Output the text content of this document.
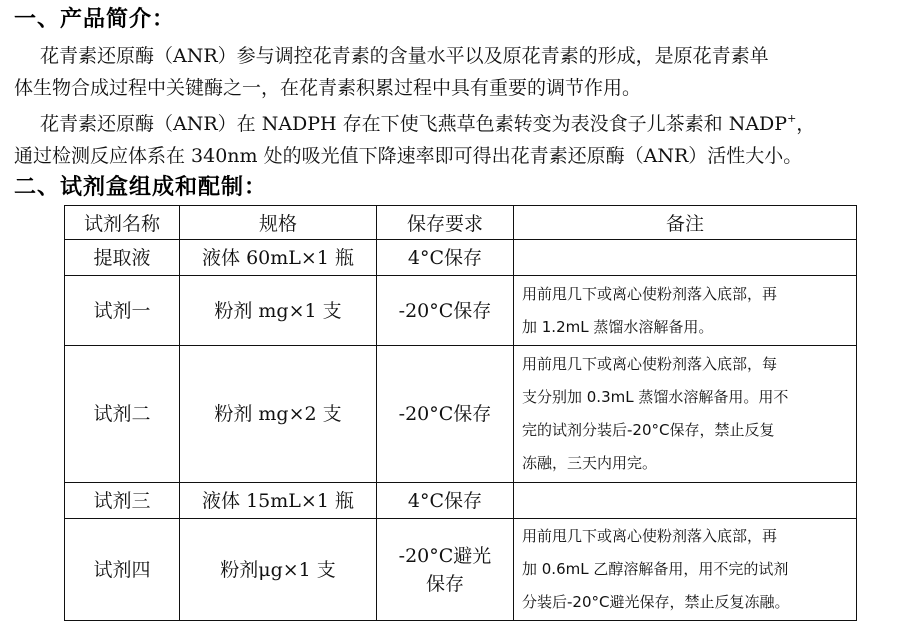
一、产品简介：
花青素还原酶（ANR）参与调控花青素的含量水平以及原花青素的形成，是原花青素单
体生物合成过程中关键酶之一，在花青素积累过程中具有重要的调节作用。
花青素还原酶（ANR）在 NADPH 存在下使飞燕草色素转变为表没食子儿茶素和 NADP+，
通过检测反应体系在 340nm 处的吸光值下降速率即可得出花青素还原酶（ANR）活性大小。
二、试剂盒组成和配制：
试剂名称	规格	保存要求	备注
提取液	液体 60mL×1 瓶	4°C保存	
试剂一	粉剂 mg×1 支	-20°C保存	用前甩几下或离心使粉剂落入底部，再
加 1.2mL 蒸馏水溶解备用。

试剂二	粉剂 mg×2 支	-20°C保存	用前甩几下或离心使粉剂落入底部，每
支分别加 0.3mL 蒸馏水溶解备用。用不
完的试剂分装后-20°C保存，禁止反复
冻融，三天内用完。

试剂三	液体 15mL×1 瓶	4°C保存	
试剂四	粉剂μg×1 支	-20°C避光
保存	用前甩几下或离心使粉剂落入底部，再
加 0.6mL 乙醇溶解备用，用不完的试剂
分装后-20°C避光保存，禁止反复冻融。
